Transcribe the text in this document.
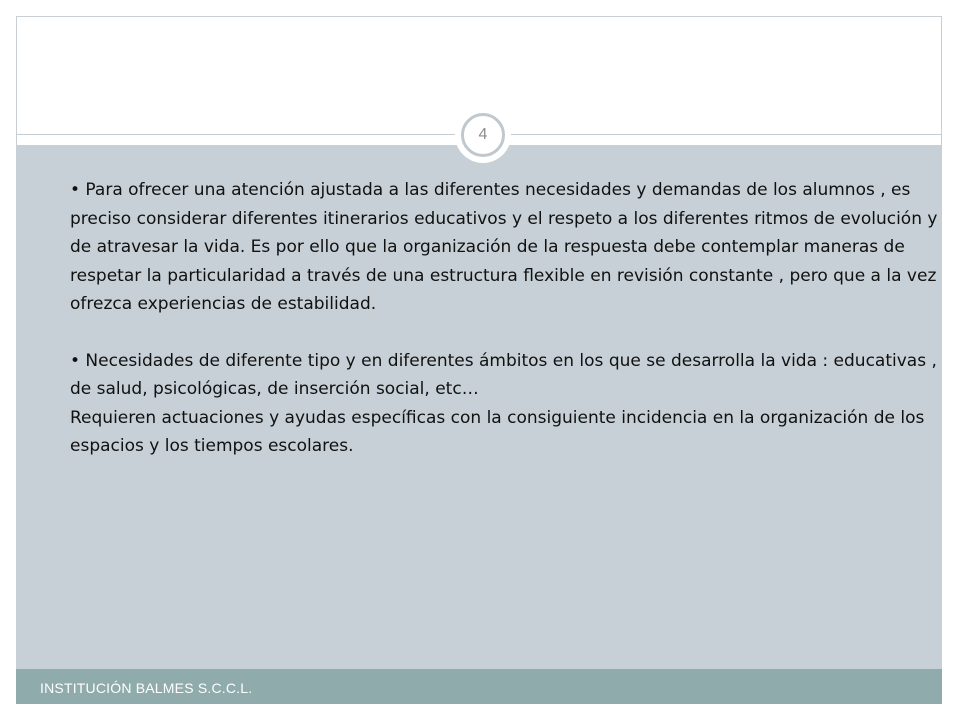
INSTITUCIÓN BALMES S.C.C.L.
4

• Para ofrecer una atención ajustada a las diferentes necesidades y demandas de los alumnos , es preciso considerar diferentes itinerarios educativos y el respeto a los diferentes ritmos de evolución y de atravesar la vida. Es por ello que la organización de la respuesta debe contemplar maneras de respetar la particularidad a través de una estructura flexible en revisión constante , pero que a la vez ofrezca experiencias de estabilidad.

• Necesidades de diferente tipo y en diferentes ámbitos en los que se desarrolla la vida : educativas , de salud, psicológicas, de inserción social, etc…

Requieren actuaciones y ayudas específicas con la consiguiente incidencia en la organización de los espacios y los tiempos escolares.
